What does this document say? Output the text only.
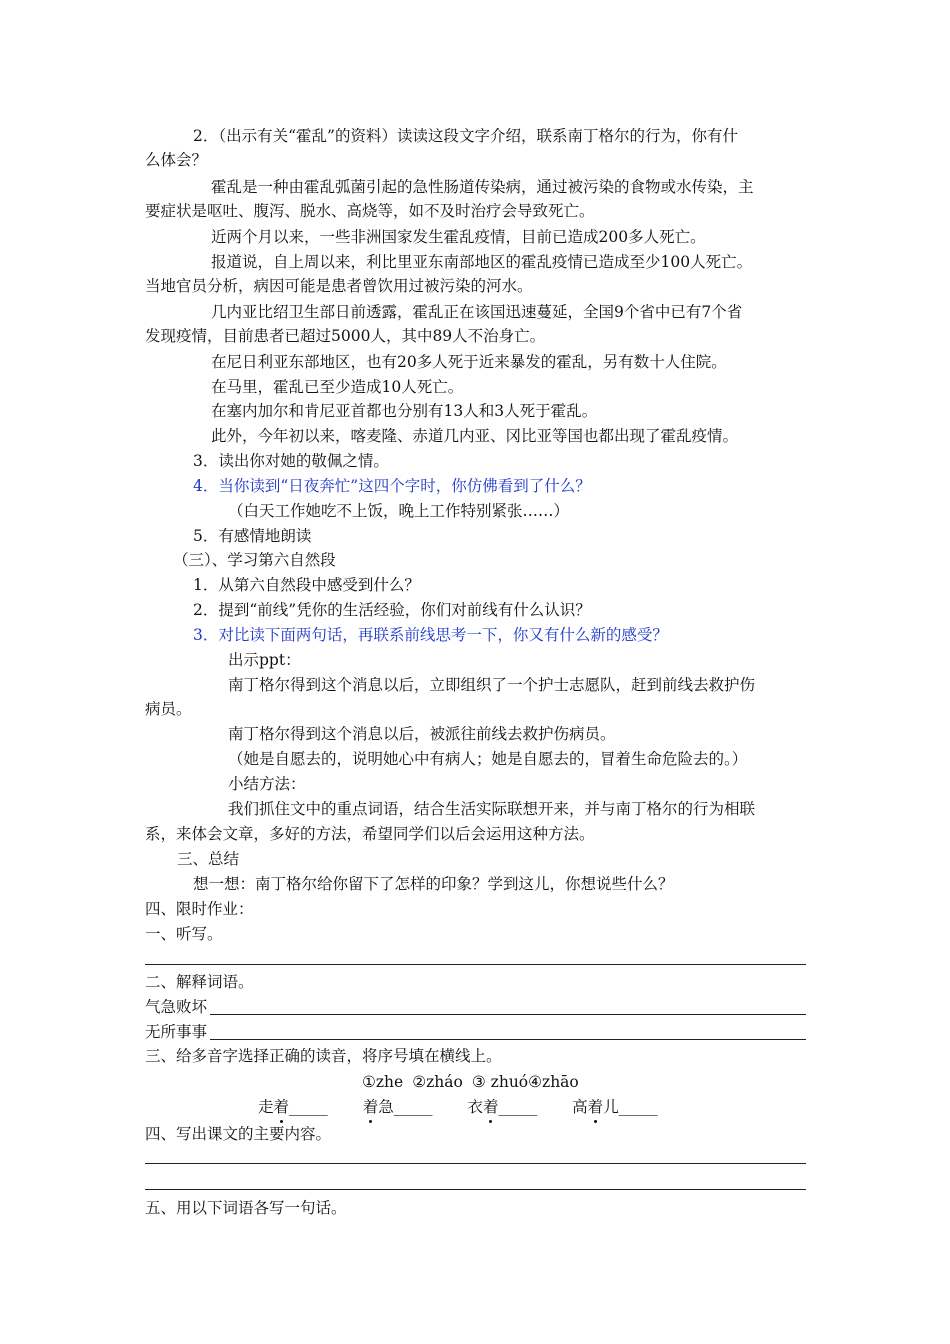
2．（出示有关“霍乱”的资料）读读这段文字介绍，联系南丁格尔的行为，你有什
么体会？
霍乱是一种由霍乱弧菌引起的急性肠道传染病，通过被污染的食物或水传染，主
要症状是呕吐、腹泻、脱水、高烧等，如不及时治疗会导致死亡。
近两个月以来，一些非洲国家发生霍乱疫情，目前已造成200多人死亡。
报道说，自上周以来，利比里亚东南部地区的霍乱疫情已造成至少100人死亡。
当地官员分析，病因可能是患者曾饮用过被污染的河水。
几内亚比绍卫生部日前透露，霍乱正在该国迅速蔓延，全国9个省中已有7个省
发现疫情，目前患者已超过5000人，其中89人不治身亡。
在尼日利亚东部地区，也有20多人死于近来暴发的霍乱，另有数十人住院。
在马里，霍乱已至少造成10人死亡。
在塞内加尔和肯尼亚首都也分别有13人和3人死于霍乱。
此外，今年初以来，喀麦隆、赤道几内亚、冈比亚等国也都出现了霍乱疫情。
3．读出你对她的敬佩之情。
4．当你读到“日夜奔忙”这四个字时，你仿佛看到了什么？
（白天工作她吃不上饭，晚上工作特别紧张……）
5．有感情地朗读
（三）、学习第六自然段
1．从第六自然段中感受到什么？
2．提到“前线”凭你的生活经验，你们对前线有什么认识？
3．对比读下面两句话，再联系前线思考一下，你又有什么新的感受？
出示ppt：
南丁格尔得到这个消息以后，立即组织了一个护士志愿队，赶到前线去救护伤
病员。
南丁格尔得到这个消息以后，被派往前线去救护伤病员。
（她是自愿去的，说明她心中有病人；她是自愿去的，冒着生命危险去的。）
小结方法：
我们抓住文中的重点词语，结合生活实际联想开来，并与南丁格尔的行为相联
系，来体会文章，多好的方法，希望同学们以后会运用这种方法。
三、总结
想一想：南丁格尔给你留下了怎样的印象？学到这儿，你想说些什么？
四、限时作业：
一、听写。
二、解释词语。
气急败坏
无所事事
三、给多音字选择正确的读音，将序号填在横线上。
①zhe ②zháo ③ zhuó④zhāo
走着_____ 着急_____ 衣着_____ 高着儿_____
四、写出课文的主要内容。
五、用以下词语各写一句话。
